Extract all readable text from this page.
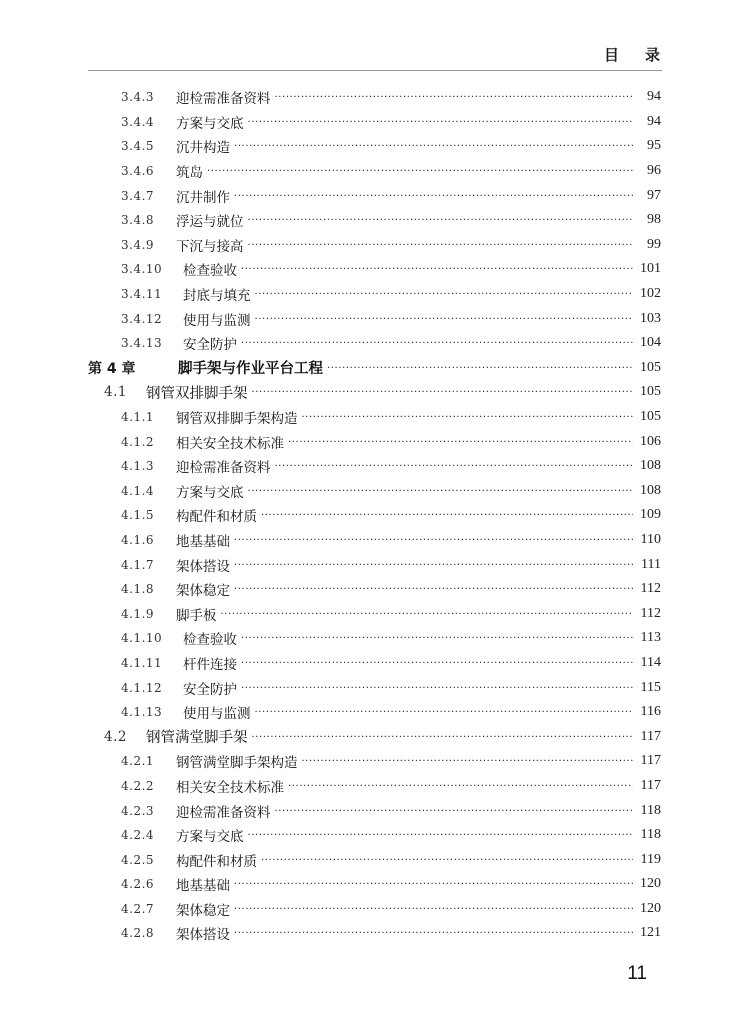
目 录
3.4.3	迎检需准备资料 ·····	94
3.4.4	方案与交底 ·····	94
3.4.5	沉井构造 ·····	95
3.4.6	筑岛 ·····	96
3.4.7	沉井制作 ·····	97
3.4.8	浮运与就位 ·····	98
3.4.9	下沉与接高 ·····	99
3.4.10	检查验收 ·····	101
3.4.11	封底与填充 ·····	102
3.4.12	使用与监测 ·····	103
3.4.13	安全防护 ·····	104
第 4 章	脚手架与作业平台工程 ·····	105
4.1	钢管双排脚手架 ·····	105
4.1.1	钢管双排脚手架构造 ·····	105
4.1.2	相关安全技术标准 ·····	106
4.1.3	迎检需准备资料 ·····	108
4.1.4	方案与交底 ·····	108
4.1.5	构配件和材质 ·····	109
4.1.6	地基基础 ·····	110
4.1.7	架体搭设 ·····	111
4.1.8	架体稳定 ·····	112
4.1.9	脚手板 ·····	112
4.1.10	检查验收 ·····	113
4.1.11	杆件连接 ·····	114
4.1.12	安全防护 ·····	115
4.1.13	使用与监测 ·····	116
4.2	钢管满堂脚手架 ·····	117
4.2.1	钢管满堂脚手架构造 ·····	117
4.2.2	相关安全技术标准 ·····	117
4.2.3	迎检需准备资料 ·····	118
4.2.4	方案与交底 ·····	118
4.2.5	构配件和材质 ·····	119
4.2.6	地基基础 ·····	120
4.2.7	架体稳定 ·····	120
4.2.8	架体搭设 ·····	121
11
